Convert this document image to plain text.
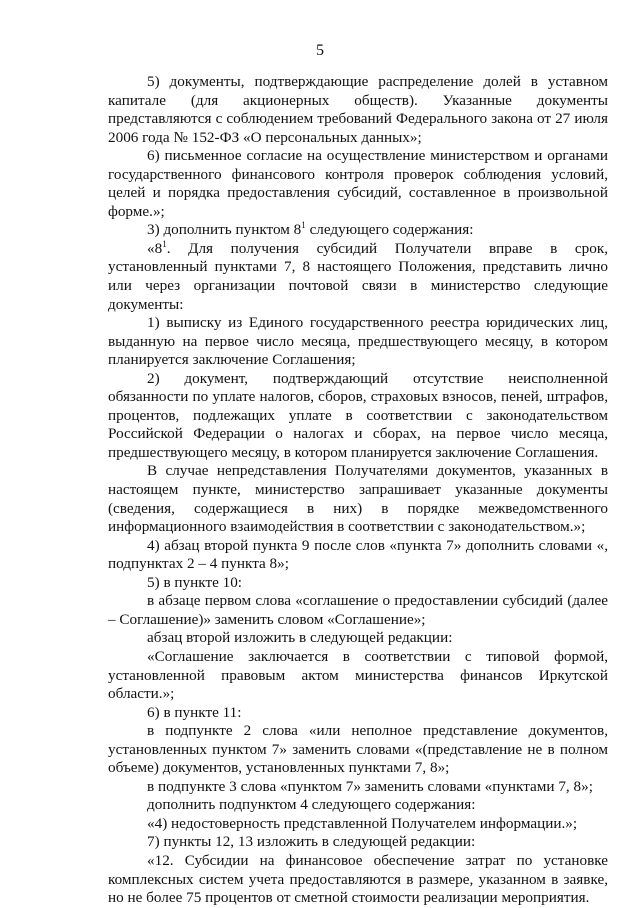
5

5) документы, подтверждающие распределение долей в уставном капитале (для акционерных обществ). Указанные документы представляются с соблюдением требований Федерального закона от 27 июля 2006 года № 152-ФЗ «О персональных данных»;

6) письменное согласие на осуществление министерством и органами государственного финансового контроля проверок соблюдения условий, целей и порядка предоставления субсидий, составленное в произвольной форме.»;

3) дополнить пунктом $8^1$ следующего содержания:

«$8^1$. Для получения субсидий Получатели вправе в срок, установленный пунктами 7, 8 настоящего Положения, представить лично или через организации почтовой связи в министерство следующие документы:

1) выписку из Единого государственного реестра юридических лиц, выданную на первое число месяца, предшествующего месяцу, в котором планируется заключение Соглашения;

2) документ, подтверждающий отсутствие неисполненной обязанности по уплате налогов, сборов, страховых взносов, пеней, штрафов, процентов, подлежащих уплате в соответствии с законодательством Российской Федерации о налогах и сборах, на первое число месяца, предшествующего месяцу, в котором планируется заключение Соглашения.

В случае непредставления Получателями документов, указанных в настоящем пункте, министерство запрашивает указанные документы (сведения, содержащиеся в них) в порядке межведомственного информационного взаимодействия в соответствии с законодательством.»;

4) абзац второй пункта 9 после слов «пункта 7» дополнить словами «, подпунктах 2 – 4 пункта 8»;

5) в пункте 10:

в абзаце первом слова «соглашение о предоставлении субсидий (далее – Соглашение)» заменить словом «Соглашение»;

абзац второй изложить в следующей редакции:

«Соглашение заключается в соответствии с типовой формой, установленной правовым актом министерства финансов Иркутской области.»;

6) в пункте 11:

в подпункте 2 слова «или неполное представление документов, установленных пунктом 7» заменить словами «(представление не в полном объеме) документов, установленных пунктами 7, 8»;

в подпункте 3 слова «пунктом 7» заменить словами «пунктами 7, 8»;

дополнить подпунктом 4 следующего содержания:

«4) недостоверность представленной Получателем информации.»;

7) пункты 12, 13 изложить в следующей редакции:

«12. Субсидии на финансовое обеспечение затрат по установке комплексных систем учета предоставляются в размере, указанном в заявке, но не более 75 процентов от сметной стоимости реализации мероприятия.
